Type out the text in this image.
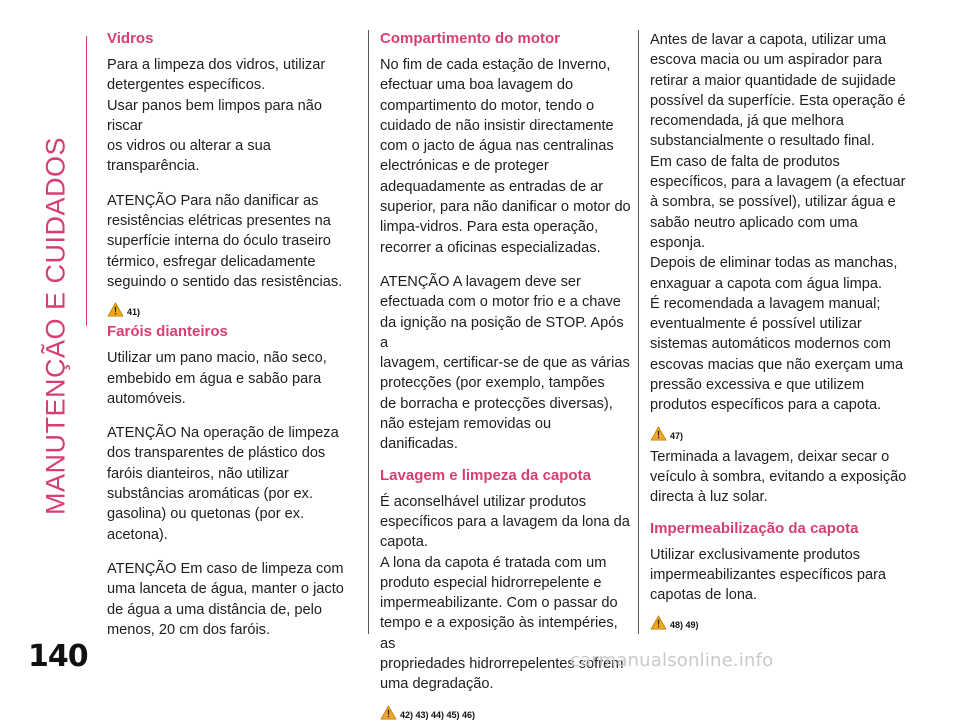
MANUTENÇÃO E CUIDADOS
Vidros

Para a limpeza dos vidros, utilizar
detergentes específicos.
Usar panos bem limpos para não riscar
os vidros ou alterar a sua
transparência.

ATENÇÃO Para não danificar as
resistências elétricas presentes na
superfície interna do óculo traseiro
térmico, esfregar delicadamente
seguindo o sentido das resistências.

41)
Faróis dianteiros

Utilizar um pano macio, não seco,
embebido em água e sabão para
automóveis.

ATENÇÃO Na operação de limpeza
dos transparentes de plástico dos
faróis dianteiros, não utilizar
substâncias aromáticas (por ex.
gasolina) ou quetonas (por ex.
acetona).

ATENÇÃO Em caso de limpeza com
uma lanceta de água, manter o jacto
de água a uma distância de, pelo
menos, 20 cm dos faróis.

Compartimento do motor

No fim de cada estação de Inverno,
efectuar uma boa lavagem do
compartimento do motor, tendo o
cuidado de não insistir directamente
com o jacto de água nas centralinas
electrónicas e de proteger
adequadamente as entradas de ar
superior, para não danificar o motor do
limpa-vidros. Para esta operação,
recorrer a oficinas especializadas.

ATENÇÃO A lavagem deve ser
efectuada com o motor frio e a chave
da ignição na posição de STOP. Após a
lavagem, certificar-se de que as várias
protecções (por exemplo, tampões
de borracha e protecções diversas),
não estejam removidas ou danificadas.

Lavagem e limpeza da capota

É aconselhável utilizar produtos
específicos para a lavagem da lona da
capota.
A lona da capota é tratada com um
produto especial hidrorrepelente e
impermeabilizante. Com o passar do
tempo e a exposição às intempéries, as
propriedades hidrorrepelentes sofrem
uma degradação.

42) 43) 44) 45) 46)

Antes de lavar a capota, utilizar uma
escova macia ou um aspirador para
retirar a maior quantidade de sujidade
possível da superfície. Esta operação é
recomendada, já que melhora
substancialmente o resultado final.
Em caso de falta de produtos
específicos, para a lavagem (a efectuar
à sombra, se possível), utilizar água e
sabão neutro aplicado com uma
esponja.
Depois de eliminar todas as manchas,
enxaguar a capota com água limpa.
É recomendada a lavagem manual;
eventualmente é possível utilizar
sistemas automáticos modernos com
escovas macias que não exerçam uma
pressão excessiva e que utilizem
produtos específicos para a capota.

47)

Terminada a lavagem, deixar secar o
veículo à sombra, evitando a exposição
directa à luz solar.

Impermeabilização da capota

Utilizar exclusivamente produtos
impermeabilizantes específicos para
capotas de lona.

48) 49)
140	carmanualsonline.info
